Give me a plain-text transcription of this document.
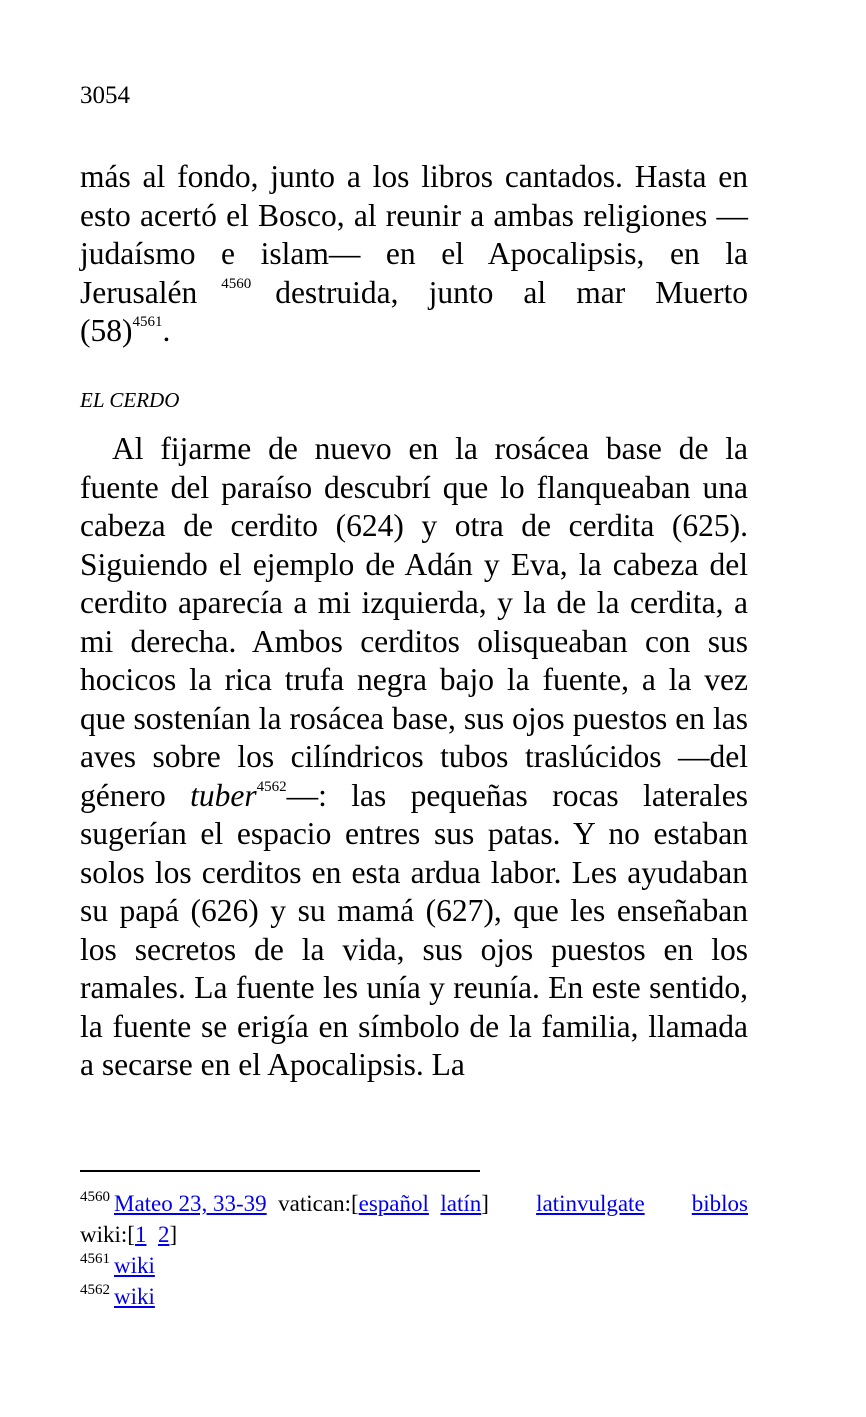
3054

más al fondo, junto a los libros cantados. Hasta en esto acertó el Bosco, al reunir a ambas religiones —judaísmo e islam— en el Apocalipsis, en la Jerusalén $^{4560}$ destruida, junto al mar Muerto $(58)^{4561}$.

EL CERDO

Al fijarme de nuevo en la rosácea base de la fuente del paraíso descubrí que lo flanqueaban una cabeza de cerdito (624) y otra de cerdita (625). Siguiendo el ejemplo de Adán y Eva, la cabeza del cerdito aparecía a mi izquierda, y la de la cerdita, a mi derecha. Ambos cerditos olisqueaban con sus hocicos la rica trufa negra bajo la fuente, a la vez que sostenían la rosácea base, sus ojos puestos en las aves sobre los cilíndricos tubos traslúcidos —del género tuber$^{4562}$—: las pequeñas rocas laterales sugerían el espacio entres sus patas. Y no estaban solos los cerditos en esta ardua labor. Les ayudaban su papá (626) y su mamá (627), que les enseñaban los secretos de la vida, sus ojos puestos en los ramales. La fuente les unía y reunía. En este sentido, la fuente se erigía en símbolo de la familia, llamada a secarse en el Apocalipsis. La

$^{4560}$ Mateo 23, 33-39 vatican:[español latín] latinvulgate biblos
wiki:[1 2]
$^{4561}$ wiki
$^{4562}$ wiki
